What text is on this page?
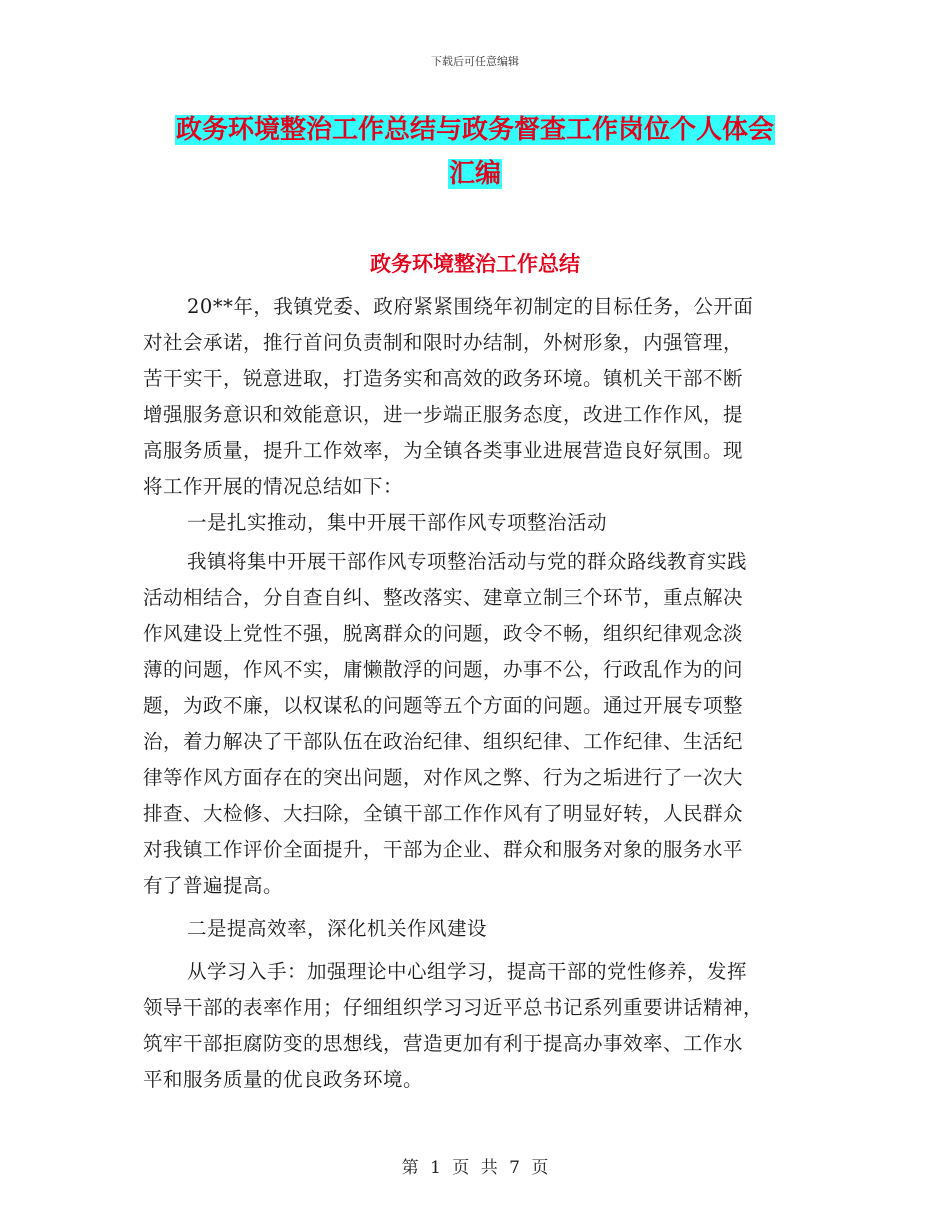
下载后可任意编辑
政务环境整治工作总结与政务督查工作岗位个人体会
汇编
政务环境整治工作总结
20**年，我镇党委、政府紧紧围绕年初制定的目标任务，公开面
对社会承诺，推行首问负责制和限时办结制，外树形象，内强管理，
苦干实干，锐意进取，打造务实和高效的政务环境。镇机关干部不断
增强服务意识和效能意识，进一步端正服务态度，改进工作作风，提
高服务质量，提升工作效率，为全镇各类事业进展营造良好氛围。现
将工作开展的情况总结如下：
一是扎实推动，集中开展干部作风专项整治活动
我镇将集中开展干部作风专项整治活动与党的群众路线教育实践
活动相结合，分自查自纠、整改落实、建章立制三个环节，重点解决
作风建设上党性不强，脱离群众的问题，政令不畅，组织纪律观念淡
薄的问题，作风不实，庸懒散浮的问题，办事不公，行政乱作为的问
题，为政不廉，以权谋私的问题等五个方面的问题。通过开展专项整
治，着力解决了干部队伍在政治纪律、组织纪律、工作纪律、生活纪
律等作风方面存在的突出问题，对作风之弊、行为之垢进行了一次大
排查、大检修、大扫除，全镇干部工作作风有了明显好转，人民群众
对我镇工作评价全面提升，干部为企业、群众和服务对象的服务水平
有了普遍提高。
二是提高效率，深化机关作风建设
从学习入手：加强理论中心组学习，提高干部的党性修养，发挥
领导干部的表率作用；仔细组织学习习近平总书记系列重要讲话精神，
筑牢干部拒腐防变的思想线，营造更加有利于提高办事效率、工作水
平和服务质量的优良政务环境。
第 1 页 共 7 页
